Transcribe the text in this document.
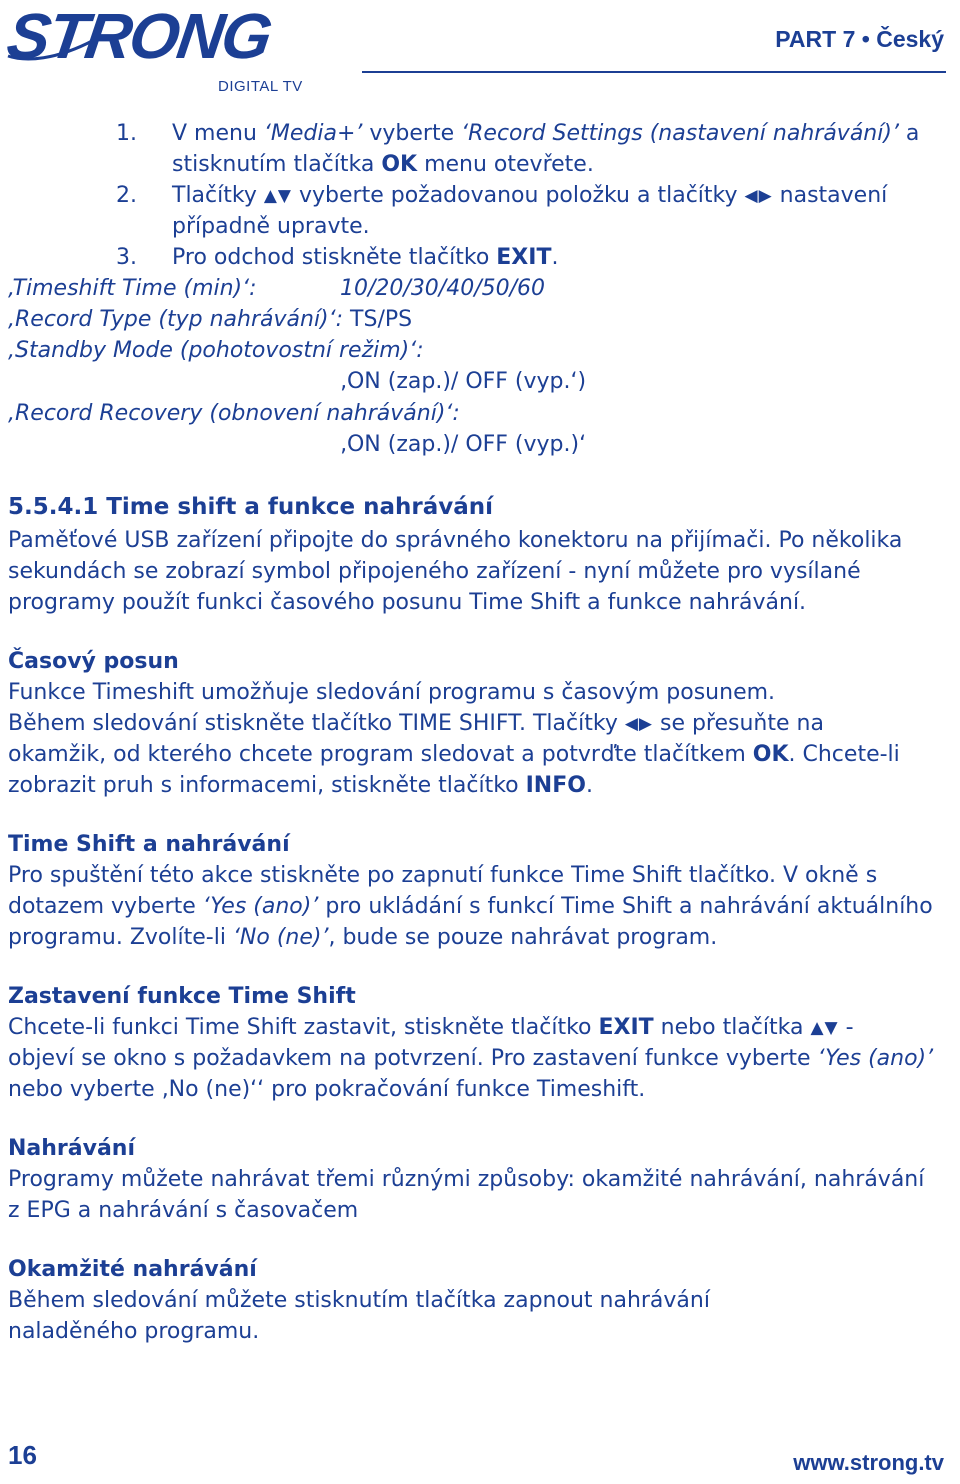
STRONG
DIGITAL TV
PART 7 • Český
1. V menu ‘Media+’ vyberte ‘Record Settings (nastavení nahrávání)’ a
stisknutím tlačítka OK menu otevřete.
2. Tlačítky ▲▼ vyberte požadovanou položku a tlačítky ◀▶ nastavení
případně upravte.
3. Pro odchod stiskněte tlačítko EXIT.
‚Timeshift Time (min)‘:	10/20/30/40/50/60
‚Record Type (typ nahrávání)‘: TS/PS
‚Standby Mode (pohotovostní režim)‘:
‚ON (zap.)/ OFF (vyp.‘)
‚Record Recovery (obnovení nahrávání)‘:
‚ON (zap.)/ OFF (vyp.)‘
5.5.4.1 Time shift a funkce nahrávání
Paměťové USB zařízení připojte do správného konektoru na přijímači. Po několika
sekundách se zobrazí symbol připojeného zařízení - nyní můžete pro vysílané
programy použít funkci časového posunu Time Shift a funkce nahrávání.
Časový posun
Funkce Timeshift umožňuje sledování programu s časovým posunem.
Během sledování stiskněte tlačítko TIME SHIFT. Tlačítky ◀▶ se přesuňte na
okamžik, od kterého chcete program sledovat a potvrďte tlačítkem OK. Chcete-li
zobrazit pruh s informacemi, stiskněte tlačítko INFO.
Time Shift a nahrávání
Pro spuštění této akce stiskněte po zapnutí funkce Time Shift tlačítko. V okně s
dotazem vyberte ‘Yes (ano)’ pro ukládání s funkcí Time Shift a nahrávání aktuálního
programu. Zvolíte-li ‘No (ne)’, bude se pouze nahrávat program.
Zastavení funkce Time Shift
Chcete-li funkci Time Shift zastavit, stiskněte tlačítko EXIT nebo tlačítka ▲▼ -
objeví se okno s požadavkem na potvrzení. Pro zastavení funkce vyberte ‘Yes (ano)’
nebo vyberte ‚No (ne)‘‘ pro pokračování funkce Timeshift.
Nahrávání
Programy můžete nahrávat třemi různými způsoby: okamžité nahrávání, nahrávání
z EPG a nahrávání s časovačem
Okamžité nahrávání
Během sledování můžete stisknutím tlačítka zapnout nahrávání
naladěného programu.
16	www.strong.tv
